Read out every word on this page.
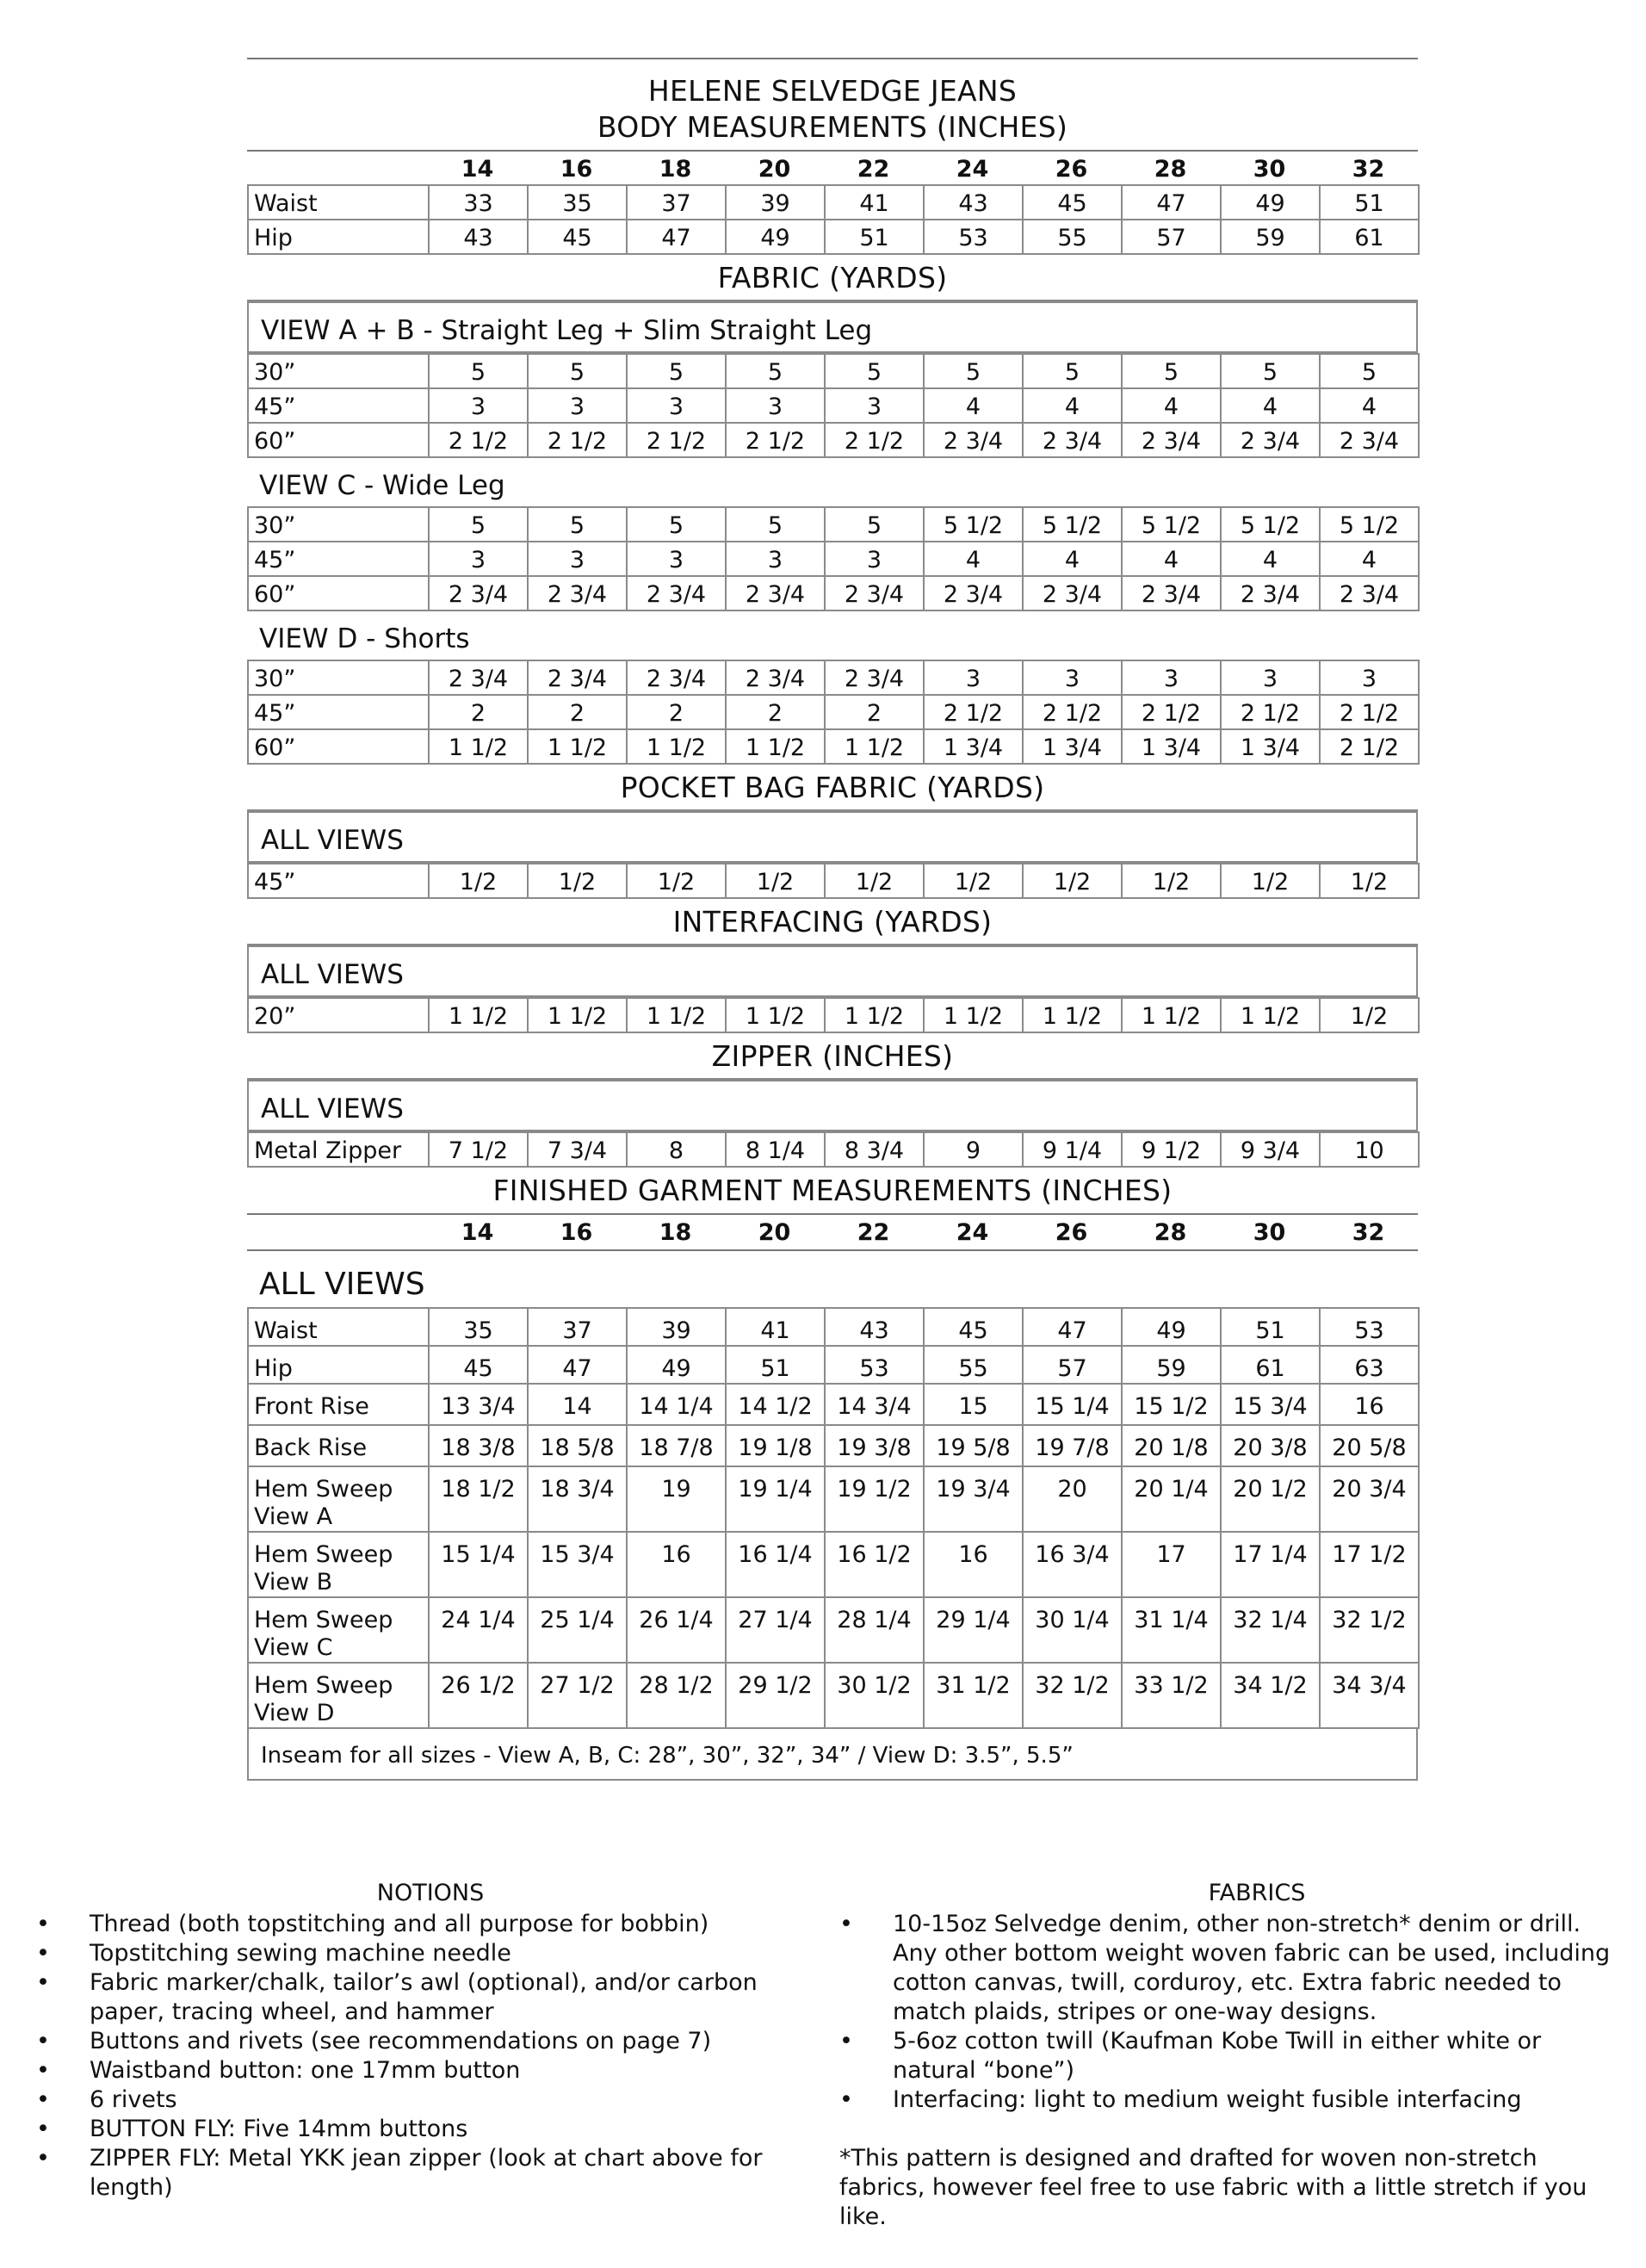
HELENE SELVEDGE JEANS
BODY MEASUREMENTS (INCHES)
	14	16	18	20	22	24	26	28	30	32
Waist	33	35	37	39	41	43	45	47	49	51
Hip	43	45	47	49	51	53	55	57	59	61
FABRIC (YARDS)
VIEW A + B - Straight Leg + Slim Straight Leg
30”	5	5	5	5	5	5	5	5	5	5
45”	3	3	3	3	3	4	4	4	4	4
60”	2 1/2	2 1/2	2 1/2	2 1/2	2 1/2	2 3/4	2 3/4	2 3/4	2 3/4	2 3/4
VIEW C - Wide Leg
30”	5	5	5	5	5	5 1/2	5 1/2	5 1/2	5 1/2	5 1/2
45”	3	3	3	3	3	4	4	4	4	4
60”	2 3/4	2 3/4	2 3/4	2 3/4	2 3/4	2 3/4	2 3/4	2 3/4	2 3/4	2 3/4
VIEW D - Shorts
30”	2 3/4	2 3/4	2 3/4	2 3/4	2 3/4	3	3	3	3	3
45”	2	2	2	2	2	2 1/2	2 1/2	2 1/2	2 1/2	2 1/2
60”	1 1/2	1 1/2	1 1/2	1 1/2	1 1/2	1 3/4	1 3/4	1 3/4	1 3/4	2 1/2
POCKET BAG FABRIC (YARDS)
ALL VIEWS
45”	1/2	1/2	1/2	1/2	1/2	1/2	1/2	1/2	1/2	1/2
INTERFACING (YARDS)
ALL VIEWS
20”	1 1/2	1 1/2	1 1/2	1 1/2	1 1/2	1 1/2	1 1/2	1 1/2	1 1/2	1/2
ZIPPER (INCHES)
ALL VIEWS
Metal Zipper	7 1/2	7 3/4	8	8 1/4	8 3/4	9	9 1/4	9 1/2	9 3/4	10
FINISHED GARMENT MEASUREMENTS (INCHES)
	14	16	18	20	22	24	26	28	30	32
ALL VIEWS
Waist	35	37	39	41	43	45	47	49	51	53
Hip	45	47	49	51	53	55	57	59	61	63
Front Rise	13 3/4	14	14 1/4	14 1/2	14 3/4	15	15 1/4	15 1/2	15 3/4	16
Back Rise	18 3/8	18 5/8	18 7/8	19 1/8	19 3/8	19 5/8	19 7/8	20 1/8	20 3/8	20 5/8
Hem Sweep View A	18 1/2	18 3/4	19	19 1/4	19 1/2	19 3/4	20	20 1/4	20 1/2	20 3/4
Hem Sweep View B	15 1/4	15 3/4	16	16 1/4	16 1/2	16	16 3/4	17	17 1/4	17 1/2
Hem Sweep View C	24 1/4	25 1/4	26 1/4	27 1/4	28 1/4	29 1/4	30 1/4	31 1/4	32 1/4	32 1/2
Hem Sweep View D	26 1/2	27 1/2	28 1/2	29 1/2	30 1/2	31 1/2	32 1/2	33 1/2	34 1/2	34 3/4
Inseam for all sizes - View A, B, C: 28”, 30”, 32”, 34” / View D: 3.5”, 5.5”
NOTIONS
• Thread (both topstitching and all purpose for bobbin)
• Topstitching sewing machine needle
• Fabric marker/chalk, tailor’s awl (optional), and/or carbon paper, tracing wheel, and hammer
• Buttons and rivets (see recommendations on page 7)
• Waistband button: one 17mm button
• 6 rivets
• BUTTON FLY: Five 14mm buttons
• ZIPPER FLY: Metal YKK jean zipper (look at chart above for length)
FABRICS
• 10-15oz Selvedge denim, other non-stretch* denim or drill. Any other bottom weight woven fabric can be used, including cotton canvas, twill, corduroy, etc. Extra fabric needed to match plaids, stripes or one-way designs.
• 5-6oz cotton twill (Kaufman Kobe Twill in either white or natural “bone”)
• Interfacing: light to medium weight fusible interfacing
*This pattern is designed and drafted for woven non-stretch fabrics, however feel free to use fabric with a little stretch if you like.
